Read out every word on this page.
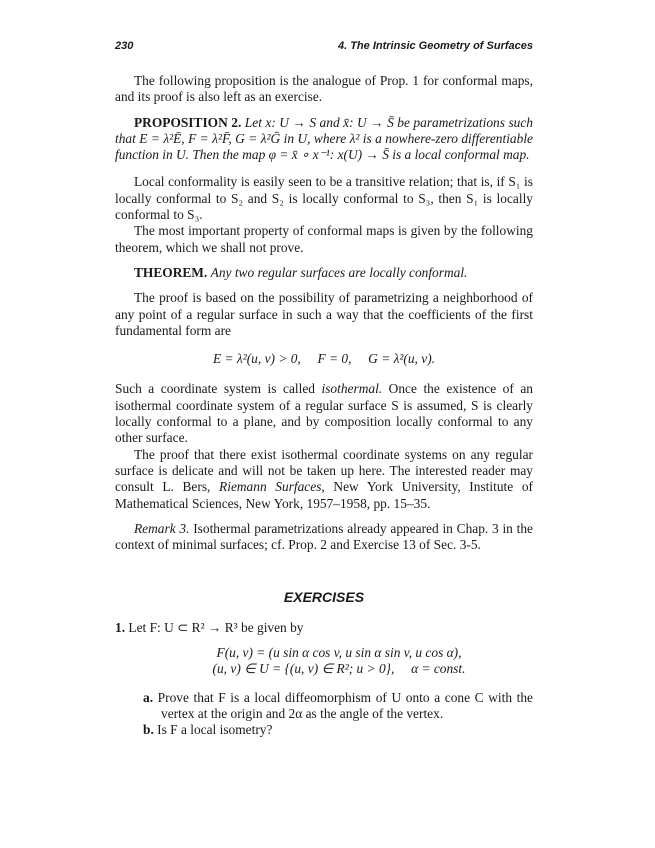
230	4. The Intrinsic Geometry of Surfaces

The following proposition is the analogue of Prop. 1 for conformal maps, and its proof is also left as an exercise.

PROPOSITION 2. Let x: U → S and x̄: U → S̄ be parametrizations such that E = λ²Ē, F = λ²F̄, G = λ²Ḡ in U, where λ² is a nowhere-zero differentiable function in U. Then the map φ = x̄ ∘ x⁻¹: x(U) → S̄ is a local conformal map.

Local conformality is easily seen to be a transitive relation; that is, if S₁ is locally conformal to S₂ and S₂ is locally conformal to S₃, then S₁ is locally conformal to S₃.

The most important property of conformal maps is given by the following theorem, which we shall not prove.

THEOREM. Any two regular surfaces are locally conformal.

The proof is based on the possibility of parametrizing a neighborhood of any point of a regular surface in such a way that the coefficients of the first fundamental form are

E = λ²(u, v) > 0,     F = 0,     G = λ²(u, v).

Such a coordinate system is called isothermal. Once the existence of an isothermal coordinate system of a regular surface S is assumed, S is clearly locally conformal to a plane, and by composition locally conformal to any other surface.

The proof that there exist isothermal coordinate systems on any regular surface is delicate and will not be taken up here. The interested reader may consult L. Bers, Riemann Surfaces, New York University, Institute of Mathematical Sciences, New York, 1957–1958, pp. 15–35.

Remark 3. Isothermal parametrizations already appeared in Chap. 3 in the context of minimal surfaces; cf. Prop. 2 and Exercise 13 of Sec. 3-5.

EXERCISES

1. Let F: U ⊂ R² → R³ be given by

F(u, v) = (u sin α cos v, u sin α sin v, u cos α),

(u, v) ∈ U = {(u, v) ∈ R²; u > 0},     α = const.

a. Prove that F is a local diffeomorphism of U onto a cone C with the vertex at the origin and 2α as the angle of the vertex.

b. Is F a local isometry?
